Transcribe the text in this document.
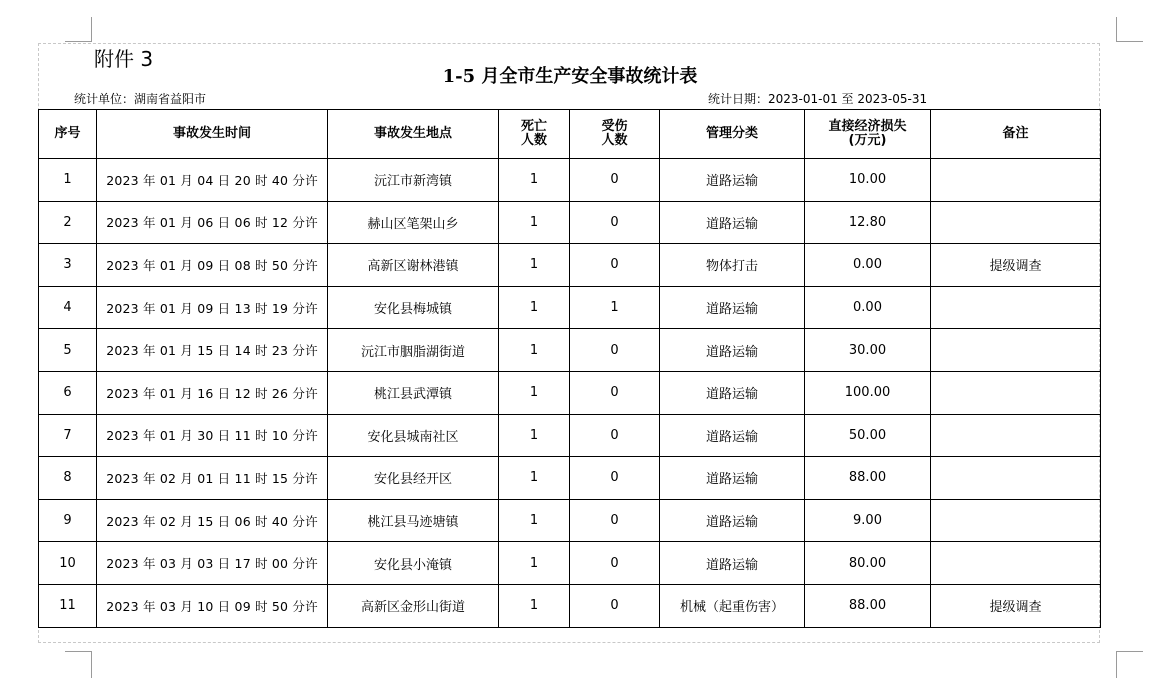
附件 3
1-5 月全市生产安全事故统计表
统计单位：湖南省益阳市	统计日期：2023-01-01 至 2023-05-31
序号	事故发生时间	事故发生地点	死亡人数	受伤人数	管理分类	直接经济损失(万元)	备注
1	2023 年 01 月 04 日 20 时 40 分许	沅江市新湾镇	1	0	道路运输	10.00	
2	2023 年 01 月 06 日 06 时 12 分许	赫山区笔架山乡	1	0	道路运输	12.80	
3	2023 年 01 月 09 日 08 时 50 分许	高新区谢林港镇	1	0	物体打击	0.00	提级调查
4	2023 年 01 月 09 日 13 时 19 分许	安化县梅城镇	1	1	道路运输	0.00	
5	2023 年 01 月 15 日 14 时 23 分许	沅江市胭脂湖街道	1	0	道路运输	30.00	
6	2023 年 01 月 16 日 12 时 26 分许	桃江县武潭镇	1	0	道路运输	100.00	
7	2023 年 01 月 30 日 11 时 10 分许	安化县城南社区	1	0	道路运输	50.00	
8	2023 年 02 月 01 日 11 时 15 分许	安化县经开区	1	0	道路运输	88.00	
9	2023 年 02 月 15 日 06 时 40 分许	桃江县马迹塘镇	1	0	道路运输	9.00	
10	2023 年 03 月 03 日 17 时 00 分许	安化县小淹镇	1	0	道路运输	80.00	
11	2023 年 03 月 10 日 09 时 50 分许	高新区金形山街道	1	0	机械（起重伤害）	88.00	提级调查
